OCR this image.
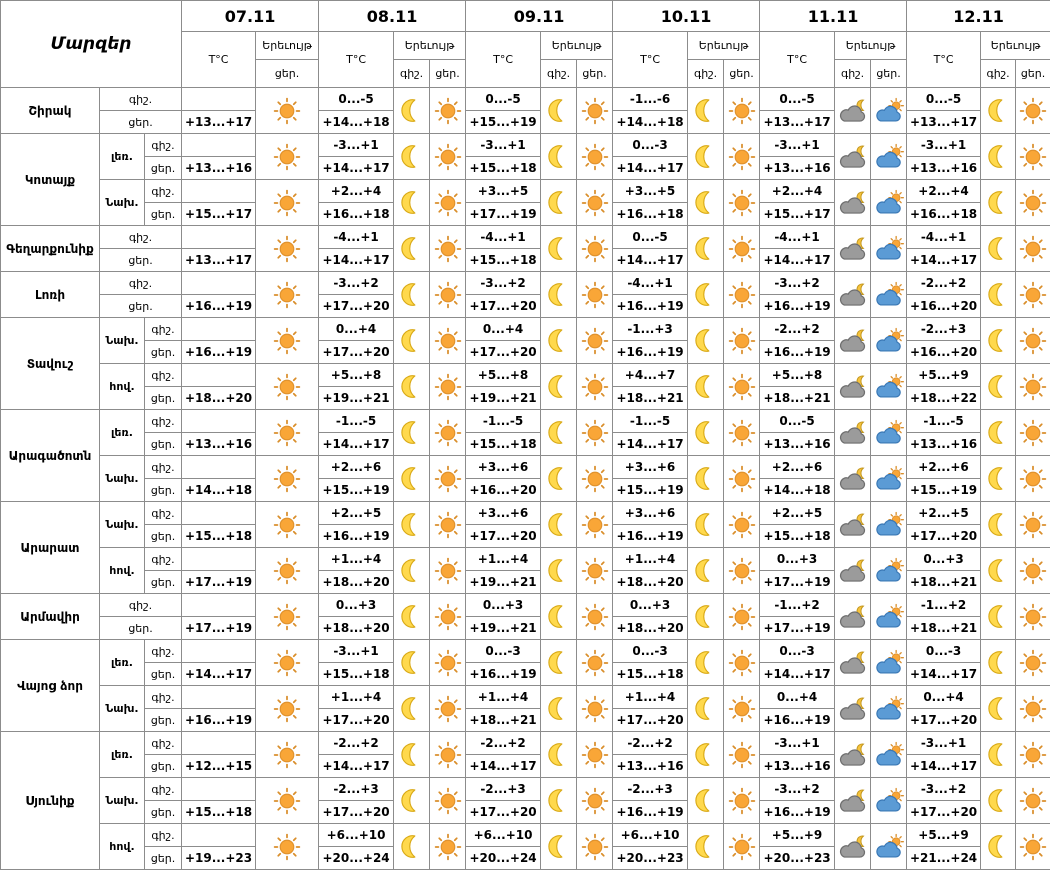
Մարզեր			07.11		08.11			09.11			10.11			11.11			12.11		
			T°C	Երեւույթ	T°C	Երեւույթ		T°C	Երեւույթ		T°C	Երեւույթ		T°C	Երեւույթ		T°C	Երեւույթ	
				ցեր.		գիշ.	ցեր.		գիշ.	ցեր.		գիշ.	ցեր.		գիշ.	ցեր.		գիշ.	ցեր.
Շիրակ	գիշ.				0...-5			0...-5			-1...-6			0...-5			0...-5	

	ցեր.		+13...+17		+14...+18			+15...+19			+14...+18			+13...+17			+13...+17		
Կոտայք	լեռ.	գիշ.			-3...+1			-3...+1			0...-3			-3...+1			-3...+1	

		ցեր.	+13...+16		+14...+17			+15...+18			+14...+17			+13...+16			+13...+16		
	Նախ.	գիշ.			+2...+4			+3...+5			+3...+5			+2...+4			+2...+4	

		ցեր.	+15...+17		+16...+18			+17...+19			+16...+18			+15...+17			+16...+18		
Գեղարքունիք	գիշ.				-4...+1			-4...+1			0...-5			-4...+1			-4...+1	

	ցեր.		+13...+17		+14...+17			+15...+18			+14...+17			+14...+17			+14...+17		
Լոռի	գիշ.				-3...+2			-3...+2			-4...+1			-3...+2			-2...+2	

	ցեր.		+16...+19		+17...+20			+17...+20			+16...+19			+16...+19			+16...+20		
Տավուշ	Նախ.	գիշ.			0...+4			0...+4			-1...+3			-2...+2			-2...+3	

		ցեր.	+16...+19		+17...+20			+17...+20			+16...+19			+16...+19			+16...+20		
	հով.	գիշ.			+5...+8			+5...+8			+4...+7			+5...+8			+5...+9	

		ցեր.	+18...+20		+19...+21			+19...+21			+18...+21			+18...+21			+18...+22		
Արագածոտն	լեռ.	գիշ.			-1...-5			-1...-5			-1...-5			0...-5			-1...-5	

		ցեր.	+13...+16		+14...+17			+15...+18			+14...+17			+13...+16			+13...+16		
	Նախ.	գիշ.			+2...+6			+3...+6			+3...+6			+2...+6			+2...+6	

		ցեր.	+14...+18		+15...+19			+16...+20			+15...+19			+14...+18			+15...+19		
Արարատ	Նախ.	գիշ.			+2...+5			+3...+6			+3...+6			+2...+5			+2...+5	

		ցեր.	+15...+18		+16...+19			+17...+20			+16...+19			+15...+18			+17...+20		
	հով.	գիշ.			+1...+4			+1...+4			+1...+4			0...+3			0...+3	

		ցեր.	+17...+19		+18...+20			+19...+21			+18...+20			+17...+19			+18...+21		
Արմավիր	գիշ.				0...+3			0...+3			0...+3			-1...+2			-1...+2	

	ցեր.		+17...+19		+18...+20			+19...+21			+18...+20			+17...+19			+18...+21		
Վայոց ձոր	լեռ.	գիշ.			-3...+1			0...-3			0...-3			0...-3			0...-3	

		ցեր.	+14...+17		+15...+18			+16...+19			+15...+18			+14...+17			+14...+17		
	Նախ.	գիշ.			+1...+4			+1...+4			+1...+4			0...+4			0...+4	

		ցեր.	+16...+19		+17...+20			+18...+21			+17...+20			+16...+19			+17...+20		
Սյունիք	լեռ.	գիշ.			-2...+2			-2...+2			-2...+2			-3...+1			-3...+1	

		ցեր.	+12...+15		+14...+17			+14...+17			+13...+16			+13...+16			+14...+17		
	Նախ.	գիշ.			-2...+3			-2...+3			-2...+3			-3...+2			-3...+2	

		ցեր.	+15...+18		+17...+20			+17...+20			+16...+19			+16...+19			+17...+20		
	հով.	գիշ.			+6...+10			+6...+10			+6...+10			+5...+9			+5...+9	

		ցեր.	+19...+23		+20...+24			+20...+24			+20...+23			+20...+23			+21...+24		
